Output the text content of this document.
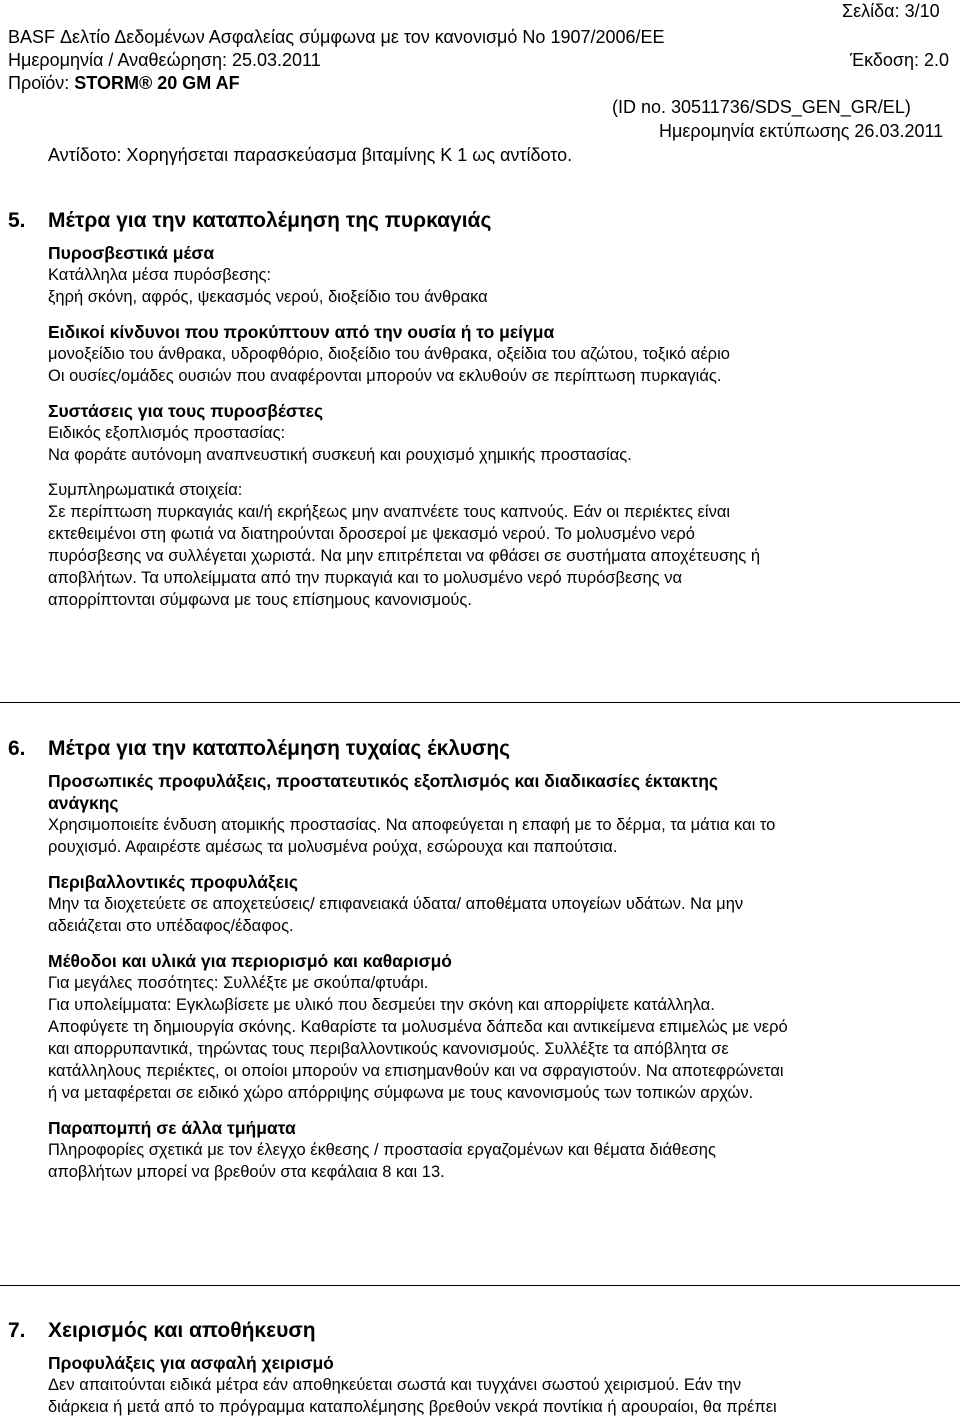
Σελίδα: 3/10
BASF Δελτίο Δεδομένων Ασφαλείας σύμφωνα με τον κανονισμό Νο 1907/2006/ΕΕ
Ημερομηνία / Αναθεώρηση: 25.03.2011	Έκδοση: 2.0
Προϊόν: STORM® 20 GM AF
(ID no. 30511736/SDS_GEN_GR/EL)
Ημερομηνία εκτύπωσης 26.03.2011
Αντίδοτο: Χορηγήσεται παρασκεύασμα βιταμίνης K 1 ως αντίδοτο.
5. Μέτρα για την καταπολέμηση της πυρκαγιάς
Πυροσβεστικά μέσα
Κατάλληλα μέσα πυρόσβεσης:
ξηρή σκόνη, αφρός, ψεκασμός νερού, διοξείδιο του άνθρακα
Ειδικοί κίνδυνοι που προκύπτουν από την ουσία ή το μείγμα
μονοξείδιο του άνθρακα, υδροφθόριο, διοξείδιο του άνθρακα, οξείδια του αζώτου, τοξικό αέριο
Οι ουσίες/ομάδες ουσιών που αναφέρονται μπορούν να εκλυθούν σε περίπτωση πυρκαγιάς.
Συστάσεις για τους πυροσβέστες
Ειδικός εξοπλισμός προστασίας:
Να φοράτε αυτόνομη αναπνευστική συσκευή και ρουχισμό χημικής προστασίας.
Συμπληρωματικά στοιχεία:
Σε περίπτωση πυρκαγιάς και/ή εκρήξεως μην αναπνέετε τους καπνούς. Εάν οι περιέκτες είναι
εκτεθειμένοι στη φωτιά να διατηρούνται δροσεροί με ψεκασμό νερού. Το μολυσμένο νερό
πυρόσβεσης να συλλέγεται χωριστά. Να μην επιτρέπεται να φθάσει σε συστήματα αποχέτευσης ή
αποβλήτων. Τα υπολείμματα από την πυρκαγιά και το μολυσμένο νερό πυρόσβεσης να
απορρίπτονται σύμφωνα με τους επίσημους κανονισμούς.
6. Μέτρα για την καταπολέμηση τυχαίας έκλυσης
Προσωπικές προφυλάξεις, προστατευτικός εξοπλισμός και διαδικασίες έκτακτης
ανάγκης
Χρησιμοποιείτε ένδυση ατομικής προστασίας. Να αποφεύγεται η επαφή με το δέρμα, τα μάτια και το
ρουχισμό. Αφαιρέστε αμέσως τα μολυσμένα ρούχα, εσώρουχα και παπούτσια.
Περιβαλλοντικές προφυλάξεις
Μην τα διοχετεύετε σε αποχετεύσεις/ επιφανειακά ύδατα/ αποθέματα υπογείων υδάτων. Να μην
αδειάζεται στο υπέδαφος/έδαφος.
Μέθοδοι και υλικά για περιορισμό και καθαρισμό
Για μεγάλες ποσότητες: Συλλέξτε με σκούπα/φτυάρι.
Για υπολείμματα: Εγκλωβίσετε με υλικό που δεσμεύει την σκόνη και απορρίψετε κατάλληλα.
Αποφύγετε τη δημιουργία σκόνης. Καθαρίστε τα μολυσμένα δάπεδα και αντικείμενα επιμελώς με νερό
και απορρυπαντικά, τηρώντας τους περιβαλλοντικούς κανονισμούς. Συλλέξτε τα απόβλητα σε
κατάλληλους περιέκτες, οι οποίοι μπορούν να επισημανθούν και να σφραγιστούν. Να αποτεφρώνεται
ή να μεταφέρεται σε ειδικό χώρο απόρριψης σύμφωνα με τους κανονισμούς των τοπικών αρχών.
Παραπομπή σε άλλα τμήματα
Πληροφορίες σχετικά με τον έλεγχο έκθεσης / προστασία εργαζομένων και θέματα διάθεσης
αποβλήτων μπορεί να βρεθούν στα κεφάλαια 8 και 13.
7. Χειρισμός και αποθήκευση
Προφυλάξεις για ασφαλή χειρισμό
Δεν απαιτούνται ειδικά μέτρα εάν αποθηκεύεται σωστά και τυγχάνει σωστού χειρισμού. Εάν την
διάρκεια ή μετά από το πρόγραμμα καταπολέμησης βρεθούν νεκρά ποντίκια ή αρουραίοι, θα πρέπει
